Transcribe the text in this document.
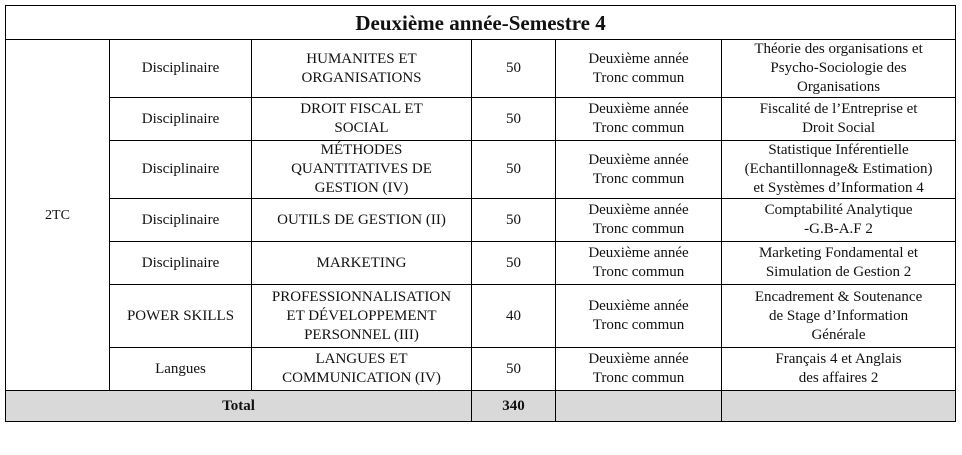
Deuxième année-Semestre 4					
2TC	Disciplinaire	HUMANITES ET
ORGANISATIONS	50	Deuxième année
Tronc commun	Théorie des organisations et
Psycho-Sociologie des
Organisations

	Disciplinaire	DROIT FISCAL ET
SOCIAL	50	Deuxième année
Tronc commun	Fiscalité de l’Entreprise et
Droit Social

	Disciplinaire	MÉTHODES
QUANTITATIVES DE
GESTION (IV)	50	Deuxième année
Tronc commun	Statistique Inférentielle
(Echantillonnage& Estimation)
et Systèmes d’Information 4

	Disciplinaire	OUTILS DE GESTION (II)	50	Deuxième année
Tronc commun	Comptabilité Analytique
-G.B-A.F 2

	Disciplinaire	MARKETING	50	Deuxième année
Tronc commun	Marketing Fondamental et
Simulation de Gestion 2

	POWER SKILLS	PROFESSIONNALISATION
ET DÉVELOPPEMENT
PERSONNEL (III)	40	Deuxième année
Tronc commun	Encadrement & Soutenance
de Stage d’Information
Générale

	Langues	LANGUES ET
COMMUNICATION (IV)	50	Deuxième année
Tronc commun	Français 4 et Anglais
des affaires 2

Total			340		
